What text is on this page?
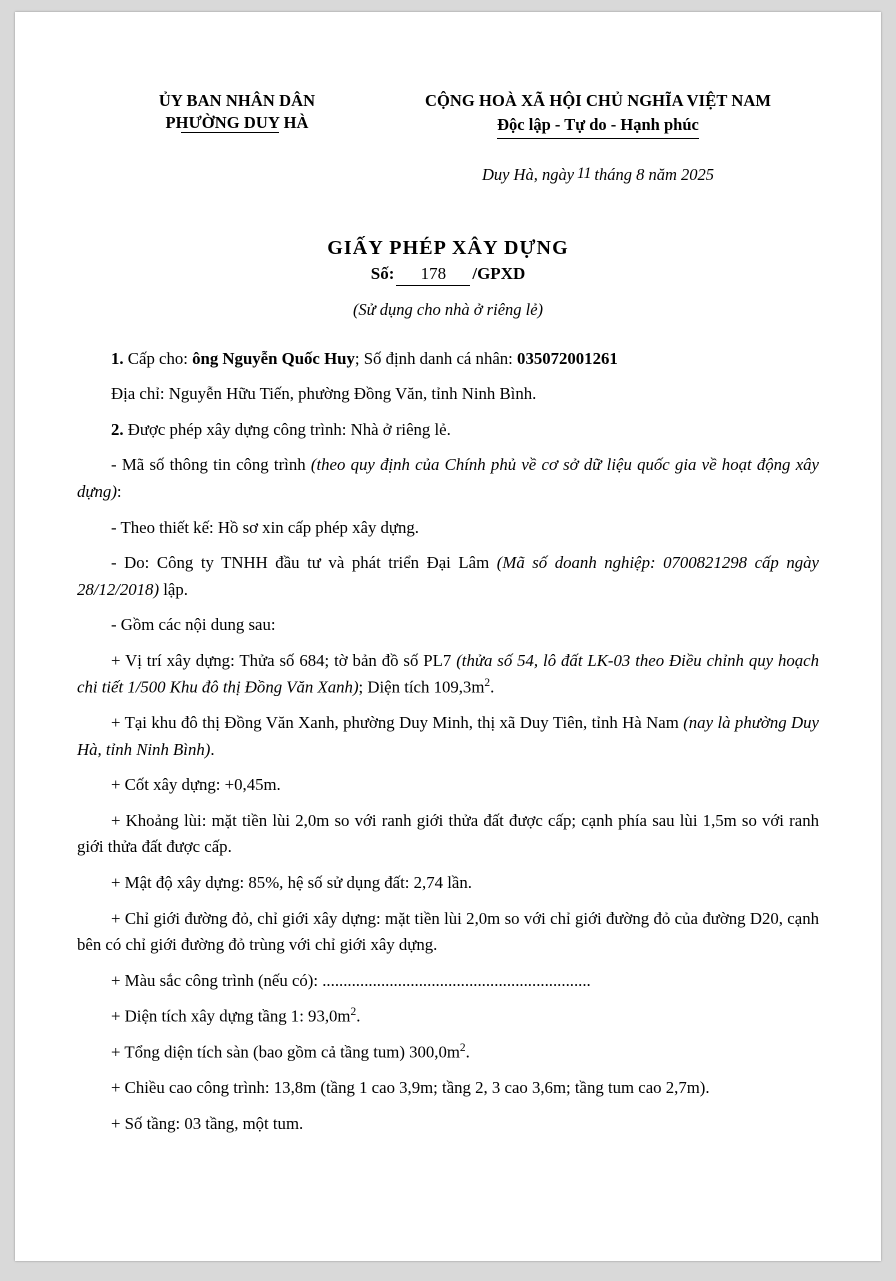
ỦY BAN NHÂN DÂN
PHƯỜNG DUY HÀ
CỘNG HOÀ XÃ HỘI CHỦ NGHĨA VIỆT NAM
Độc lập - Tự do - Hạnh phúc
Duy Hà, ngày 11 tháng 8 năm 2025
GIẤY PHÉP XÂY DỰNG
Số: 178 /GPXD
(Sử dụng cho nhà ở riêng lẻ)

1. Cấp cho: ông Nguyễn Quốc Huy; Số định danh cá nhân: 035072001261

Địa chỉ: Nguyễn Hữu Tiến, phường Đồng Văn, tỉnh Ninh Bình.

2. Được phép xây dựng công trình: Nhà ở riêng lẻ.

- Mã số thông tin công trình (theo quy định của Chính phủ về cơ sở dữ liệu quốc gia về hoạt động xây dựng):

- Theo thiết kế: Hồ sơ xin cấp phép xây dựng.

- Do: Công ty TNHH đầu tư và phát triển Đại Lâm (Mã số doanh nghiệp: 0700821298 cấp ngày 28/12/2018) lập.

- Gồm các nội dung sau:

+ Vị trí xây dựng: Thửa số 684; tờ bản đồ số PL7 (thửa số 54, lô đất LK-03 theo Điều chỉnh quy hoạch chi tiết 1/500 Khu đô thị Đồng Văn Xanh); Diện tích $109,3m^2$.

+ Tại khu đô thị Đồng Văn Xanh, phường Duy Minh, thị xã Duy Tiên, tỉnh Hà Nam (nay là phường Duy Hà, tỉnh Ninh Bình).

+ Cốt xây dựng: +0,45m.

+ Khoảng lùi: mặt tiền lùi 2,0m so với ranh giới thửa đất được cấp; cạnh phía sau lùi 1,5m so với ranh giới thửa đất được cấp.

+ Mật độ xây dựng: 85%, hệ số sử dụng đất: 2,74 lần.

+ Chỉ giới đường đỏ, chỉ giới xây dựng: mặt tiền lùi 2,0m so với chỉ giới đường đỏ của đường D20, cạnh bên có chỉ giới đường đỏ trùng với chỉ giới xây dựng.

+ Màu sắc công trình (nếu có): ................................................................

+ Diện tích xây dựng tầng 1: $93,0m^2$.

+ Tổng diện tích sàn (bao gồm cả tầng tum) $300,0m^2$.

+ Chiều cao công trình: 13,8m (tầng 1 cao 3,9m; tầng 2, 3 cao 3,6m; tầng tum cao 2,7m).

+ Số tầng: 03 tầng, một tum.
